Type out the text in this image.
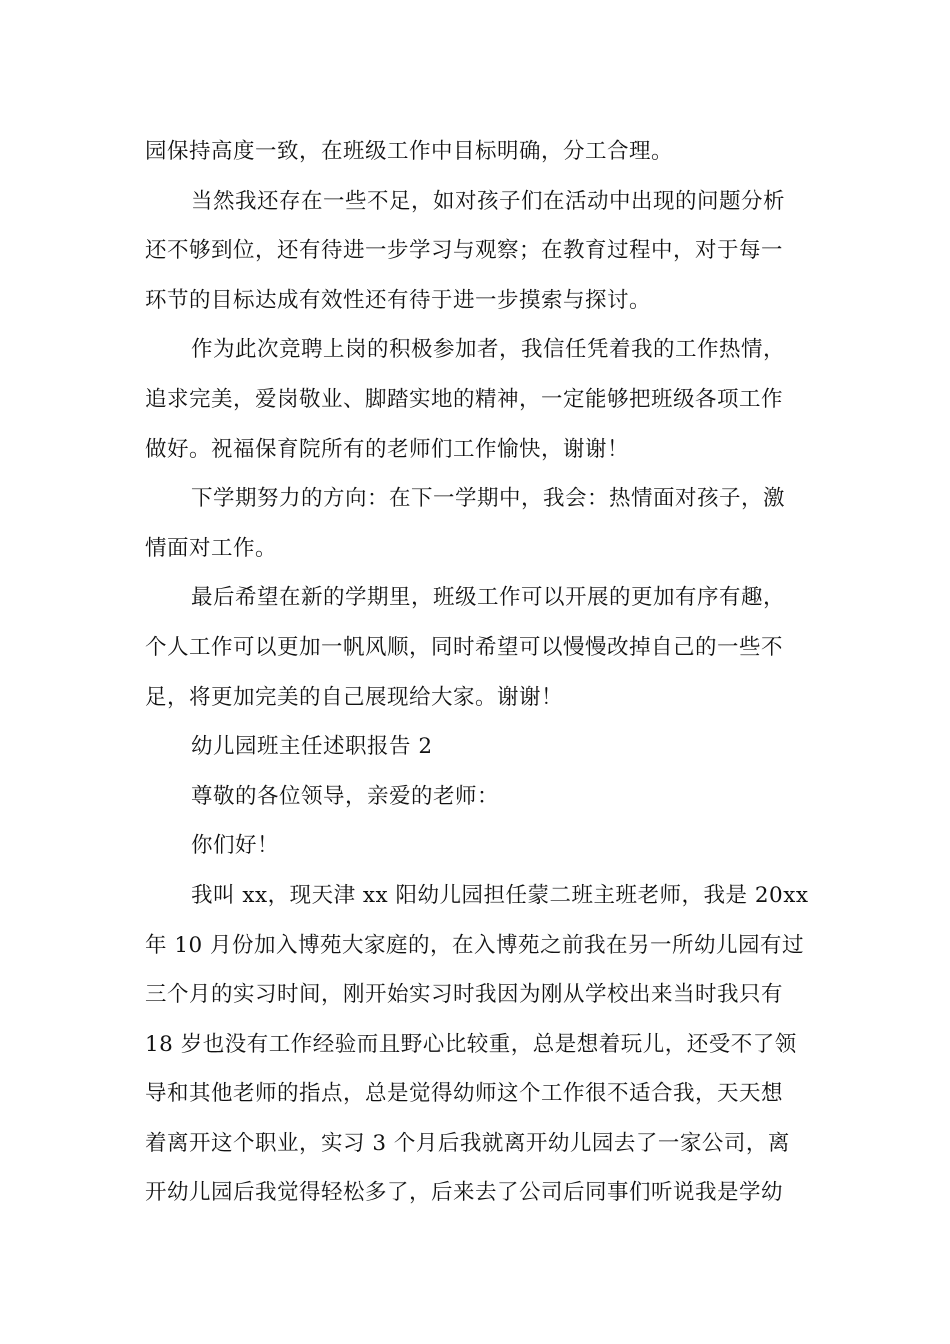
园保持高度一致，在班级工作中目标明确，分工合理。
当然我还存在一些不足，如对孩子们在活动中出现的问题分析
还不够到位，还有待进一步学习与观察；在教育过程中，对于每一
环节的目标达成有效性还有待于进一步摸索与探讨。
作为此次竞聘上岗的积极参加者，我信任凭着我的工作热情，
追求完美，爱岗敬业、脚踏实地的精神，一定能够把班级各项工作
做好。祝福保育院所有的老师们工作愉快，谢谢！
下学期努力的方向：在下一学期中，我会：热情面对孩子，激
情面对工作。
最后希望在新的学期里，班级工作可以开展的更加有序有趣，
个人工作可以更加一帆风顺，同时希望可以慢慢改掉自己的一些不
足，将更加完美的自己展现给大家。谢谢！
幼儿园班主任述职报告 2
尊敬的各位领导，亲爱的老师：
你们好！
我叫 xx，现天津 xx 阳幼儿园担任蒙二班主班老师，我是 20xx
年 10 月份加入博苑大家庭的，在入博苑之前我在另一所幼儿园有过
三个月的实习时间，刚开始实习时我因为刚从学校出来当时我只有
18 岁也没有工作经验而且野心比较重，总是想着玩儿，还受不了领
导和其他老师的指点，总是觉得幼师这个工作很不适合我，天天想
着离开这个职业，实习 3 个月后我就离开幼儿园去了一家公司，离
开幼儿园后我觉得轻松多了，后来去了公司后同事们听说我是学幼
